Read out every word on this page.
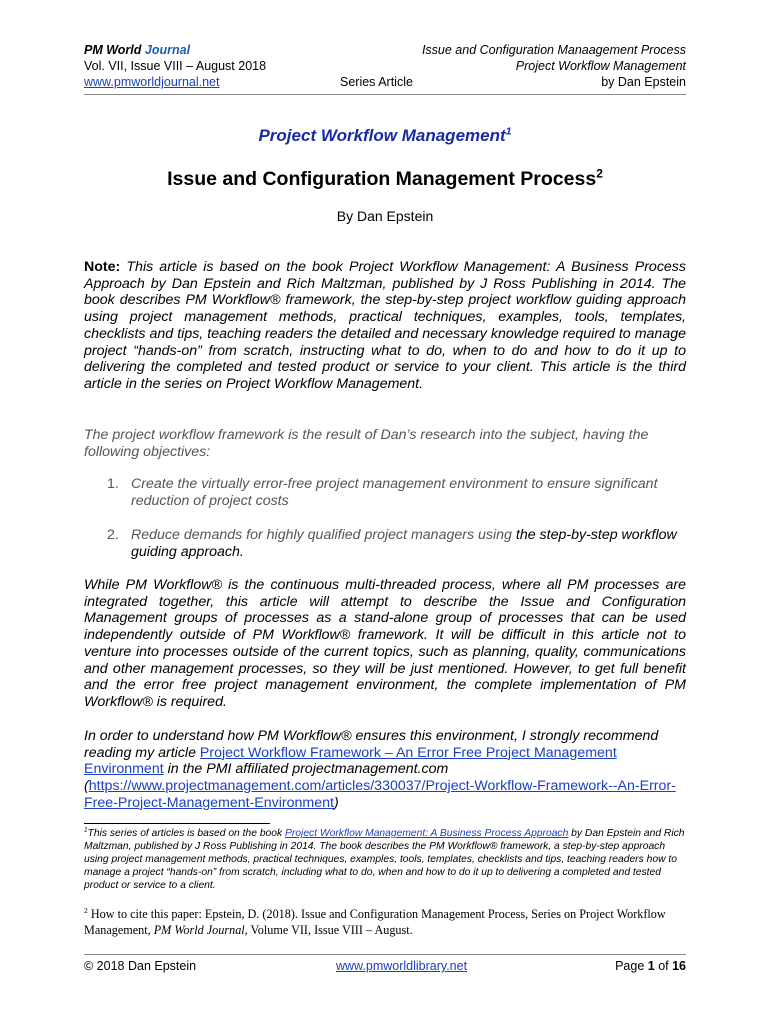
PM World Journal
Vol. VII, Issue VIII – August 2018
www.pmworldjournal.net	Series Article
Issue and Configuration Manaagement Process
Project Workflow Management
by Dan Epstein
Project Workflow Management$^1$
Issue and Configuration Management Process$^2$
By Dan Epstein
Note: This article is based on the book Project Workflow Management: A Business Process Approach by Dan Epstein and Rich Maltzman, published by J Ross Publishing in 2014. The book describes PM Workflow® framework, the step-by-step project workflow guiding approach using project management methods, practical techniques, examples, tools, templates, checklists and tips, teaching readers the detailed and necessary knowledge required to manage project “hands-on” from scratch, instructing what to do, when to do and how to do it up to delivering the completed and tested product or service to your client. This article is the third article in the series on Project Workflow Management.
The project workflow framework is the result of Dan’s research into the subject, having the following objectives:
1. Create the virtually error-free project management environment to ensure significant reduction of project costs
2. Reduce demands for highly qualified project managers using the step-by-step workflow guiding approach.
While PM Workflow® is the continuous multi-threaded process, where all PM processes are integrated together, this article will attempt to describe the Issue and Configuration Management groups of processes as a stand-alone group of processes that can be used independently outside of PM Workflow® framework. It will be difficult in this article not to venture into processes outside of the current topics, such as planning, quality, communications and other management processes, so they will be just mentioned. However, to get full benefit and the error free project management environment, the complete implementation of PM Workflow® is required.
In order to understand how PM Workflow® ensures this environment, I strongly recommend reading my article Project Workflow Framework – An Error Free Project Management Environment in the PMI affiliated projectmanagement.com (https://www.projectmanagement.com/articles/330037/Project-Workflow-Framework--An-Error-Free-Project-Management-Environment)
$^1$This series of articles is based on the book Project Workflow Management: A Business Process Approach by Dan Epstein and Rich Maltzman, published by J Ross Publishing in 2014. The book describes the PM Workflow® framework, a step-by-step approach using project management methods, practical techniques, examples, tools, templates, checklists and tips, teaching readers how to manage a project “hands-on” from scratch, including what to do, when and how to do it up to delivering a completed and tested product or service to a client.
$^2$ How to cite this paper: Epstein, D. (2018). Issue and Configuration Management Process, Series on Project Workflow Management, PM World Journal, Volume VII, Issue VIII – August.
© 2018 Dan Epstein	www.pmworldlibrary.net	Page 1 of 16
